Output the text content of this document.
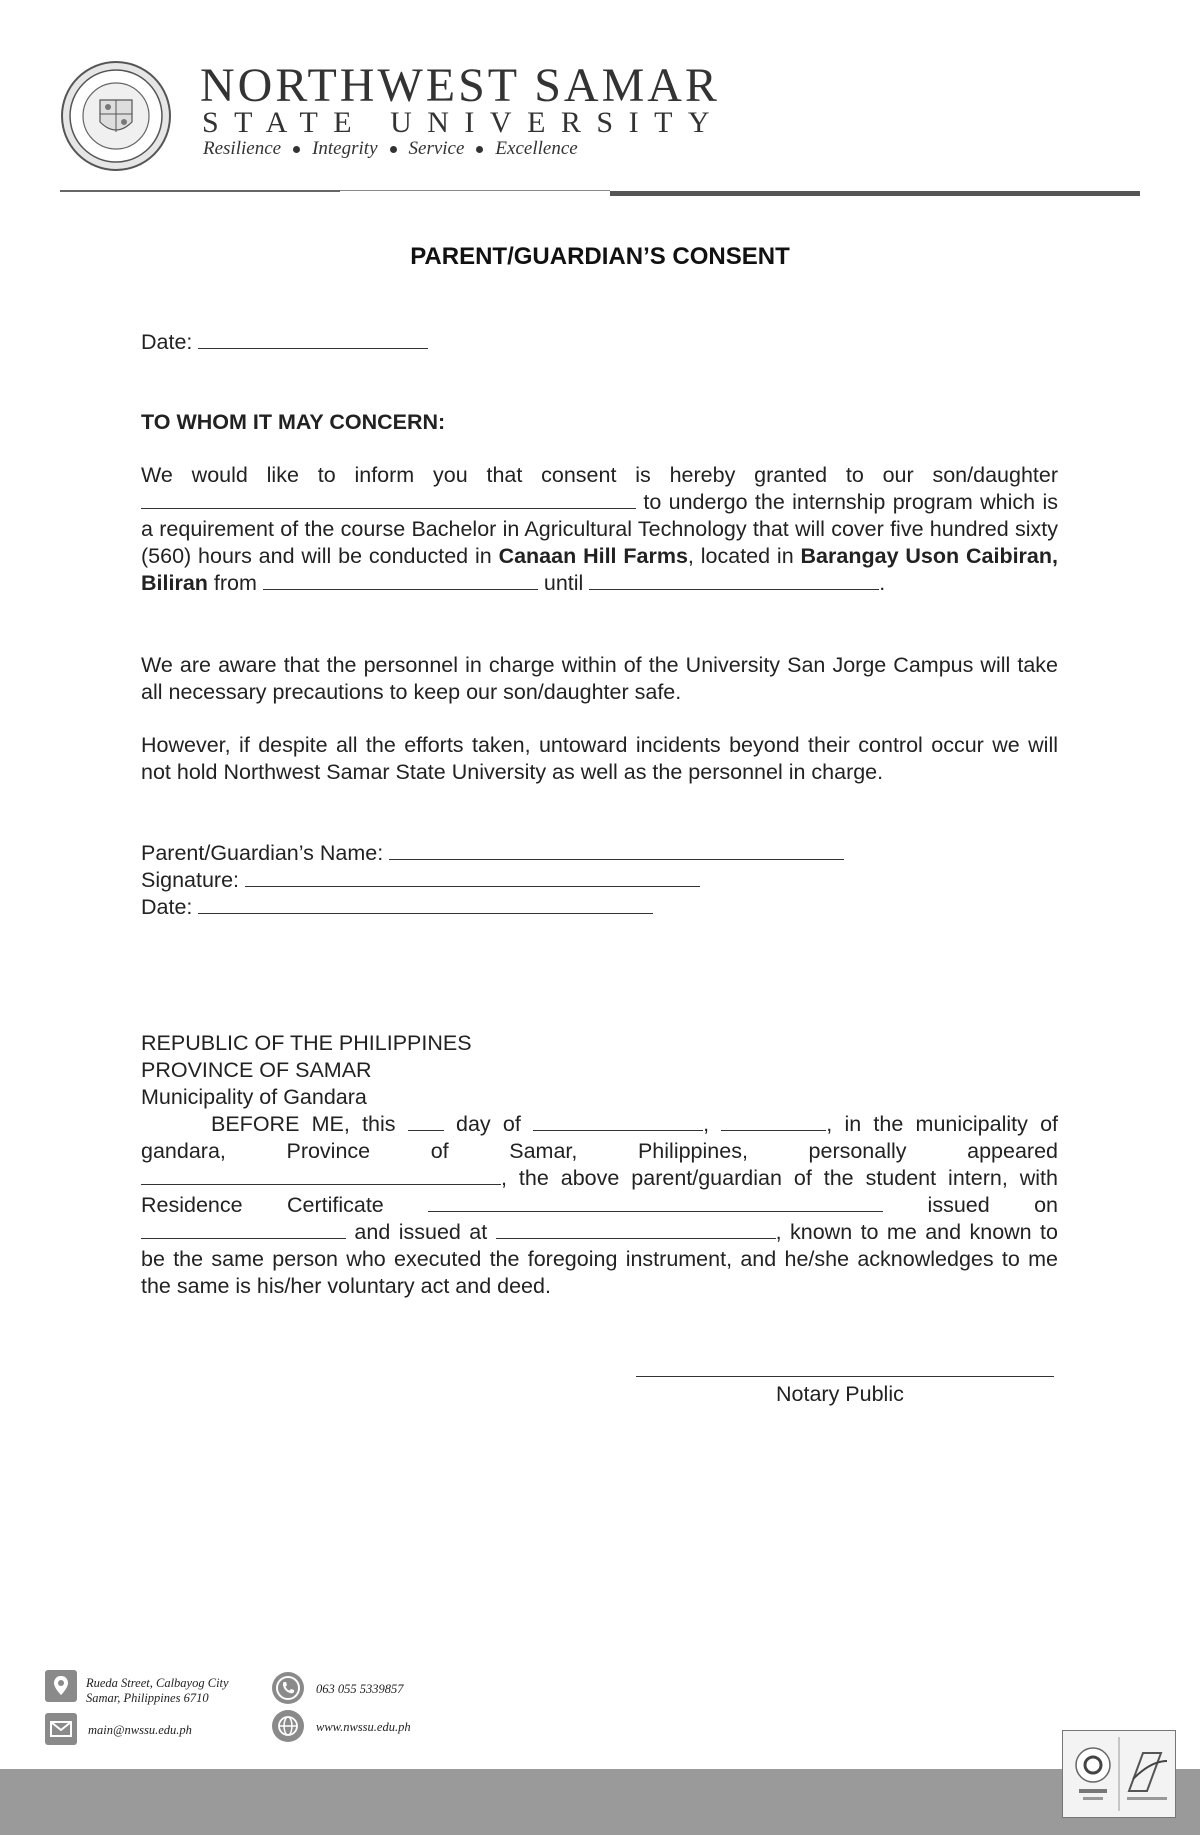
NORTHWEST SAMAR
STATE UNIVERSITY
Resilience Integrity Service Excellence
PARENT/GUARDIAN’S CONSENT
Date:
TO WHOM IT MAY CONCERN:
We would like to inform you that consent is hereby granted to our son/daughter  to undergo the internship program which is a requirement of the course Bachelor in Agricultural Technology that will cover five hundred sixty (560) hours and will be conducted in Canaan Hill Farms, located in Barangay Uson Caibiran, Biliran from	until	.
We are aware that the personnel in charge within of the University San Jorge Campus will take all necessary precautions to keep our son/daughter safe.
However, if despite all the efforts taken, untoward incidents beyond their control occur we will not hold Northwest Samar State University as well as the personnel in charge.
Parent/Guardian’s Name:
Signature:
Date:
REPUBLIC OF THE PHILIPPINES
PROVINCE OF SAMAR
Municipality of Gandara
BEFORE ME, this	day of	,	, in the municipality of gandara, Province of Samar, Philippines, personally appeared , the above parent/guardian of the student intern, with Residence Certificate	issued on  and issued at	, known to me and known to be the same person who executed the foregoing instrument, and he/she acknowledges to me the same is his/her voluntary act and deed.
Notary Public
Rueda Street, Calbayog City
Samar, Philippines 6710
main@nwssu.edu.ph
063 055 5339857
www.nwssu.edu.ph
